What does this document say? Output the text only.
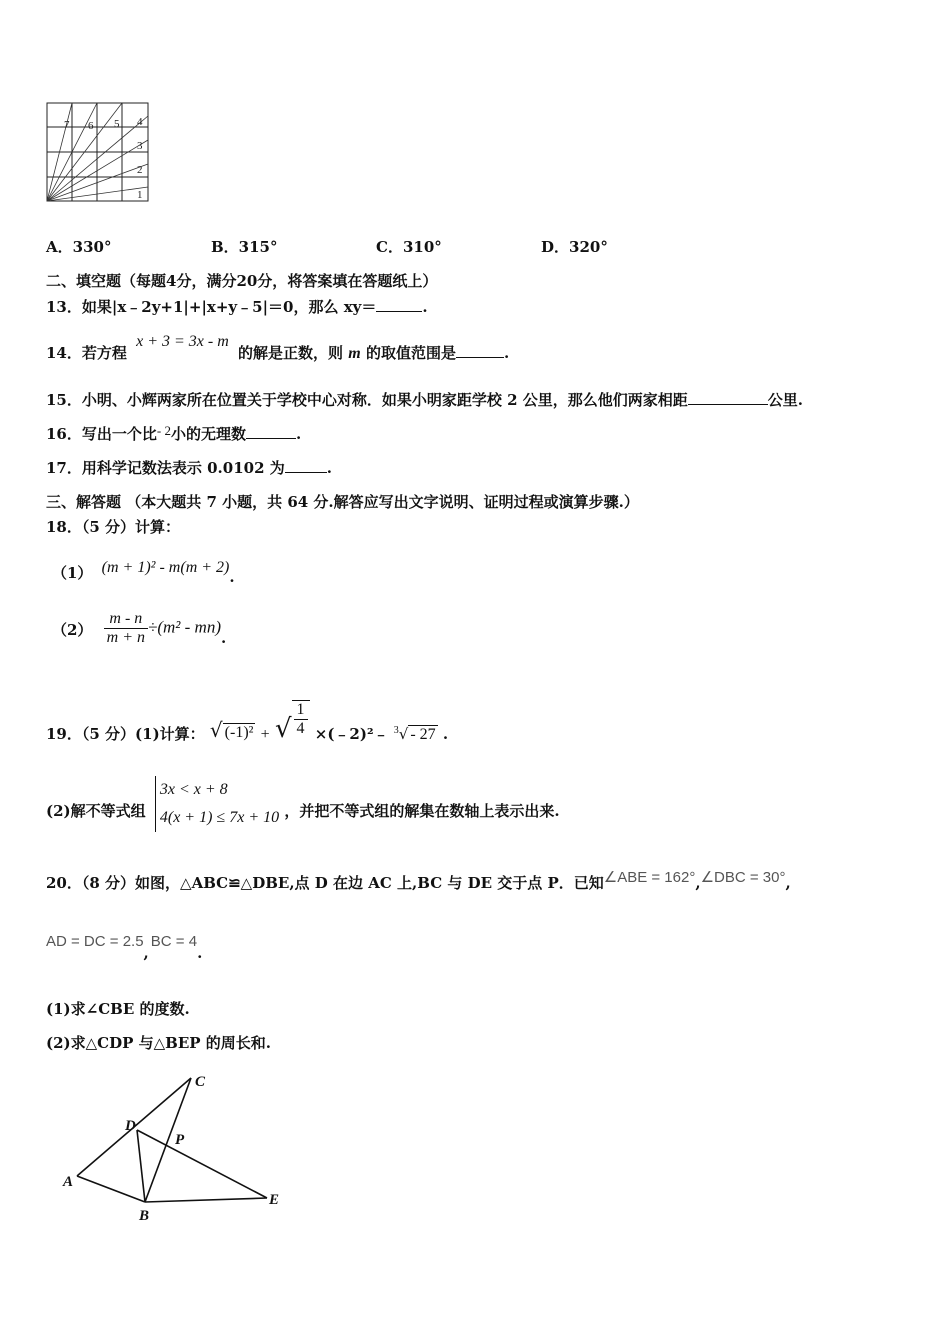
7 6 5 4
3
2
1
A．330°	B．315°	C．310°	D．320°
二、填空题（每题4分，满分20分，将答案填在答题纸上）
13．如果|x﹣2y+1|+|x+y﹣5|＝0，那么 xy＝	.
14．若方程 x + 3 = 3x - m 的解是正数，则 m 的取值范围是	.
15．小明、小辉两家所在位置关于学校中心对称．如果小明家距学校 2 公里，那么他们两家相距	公里.
16．写出一个比- 2小的无理数	.
17．用科学记数法表示 0.0102 为	.
三、解答题 （本大题共 7 小题，共 64 分.解答应写出文字说明、证明过程或演算步骤.）
18．（5 分）计算：
（1） (m + 1)² - m(m + 2).
$(2) \frac{m - n}{m + n} \div(m^2 - mn)$.
19．（5 分）(1)计算： √ (-1)² + √ $\frac{1}{4}$ ×(﹣2)²﹣ $_3$√ - 27 .
(2)解不等式组
3x < x + 8
4(x + 1) ≤ 7x + 10 ，并把不等式组的解集在数轴上表示出来.
20．（8 分）如图，△ABC≌△DBE,点 D 在边 AC 上,BC 与 DE 交于点 P．已知∠ABE = 162°,∠DBC = 30°,
AD = DC = 2.5,BC = 4.
(1)求∠CBE 的度数.
(2)求△CDP 与△BEP 的周长和.
A
B
C
D
E
P
